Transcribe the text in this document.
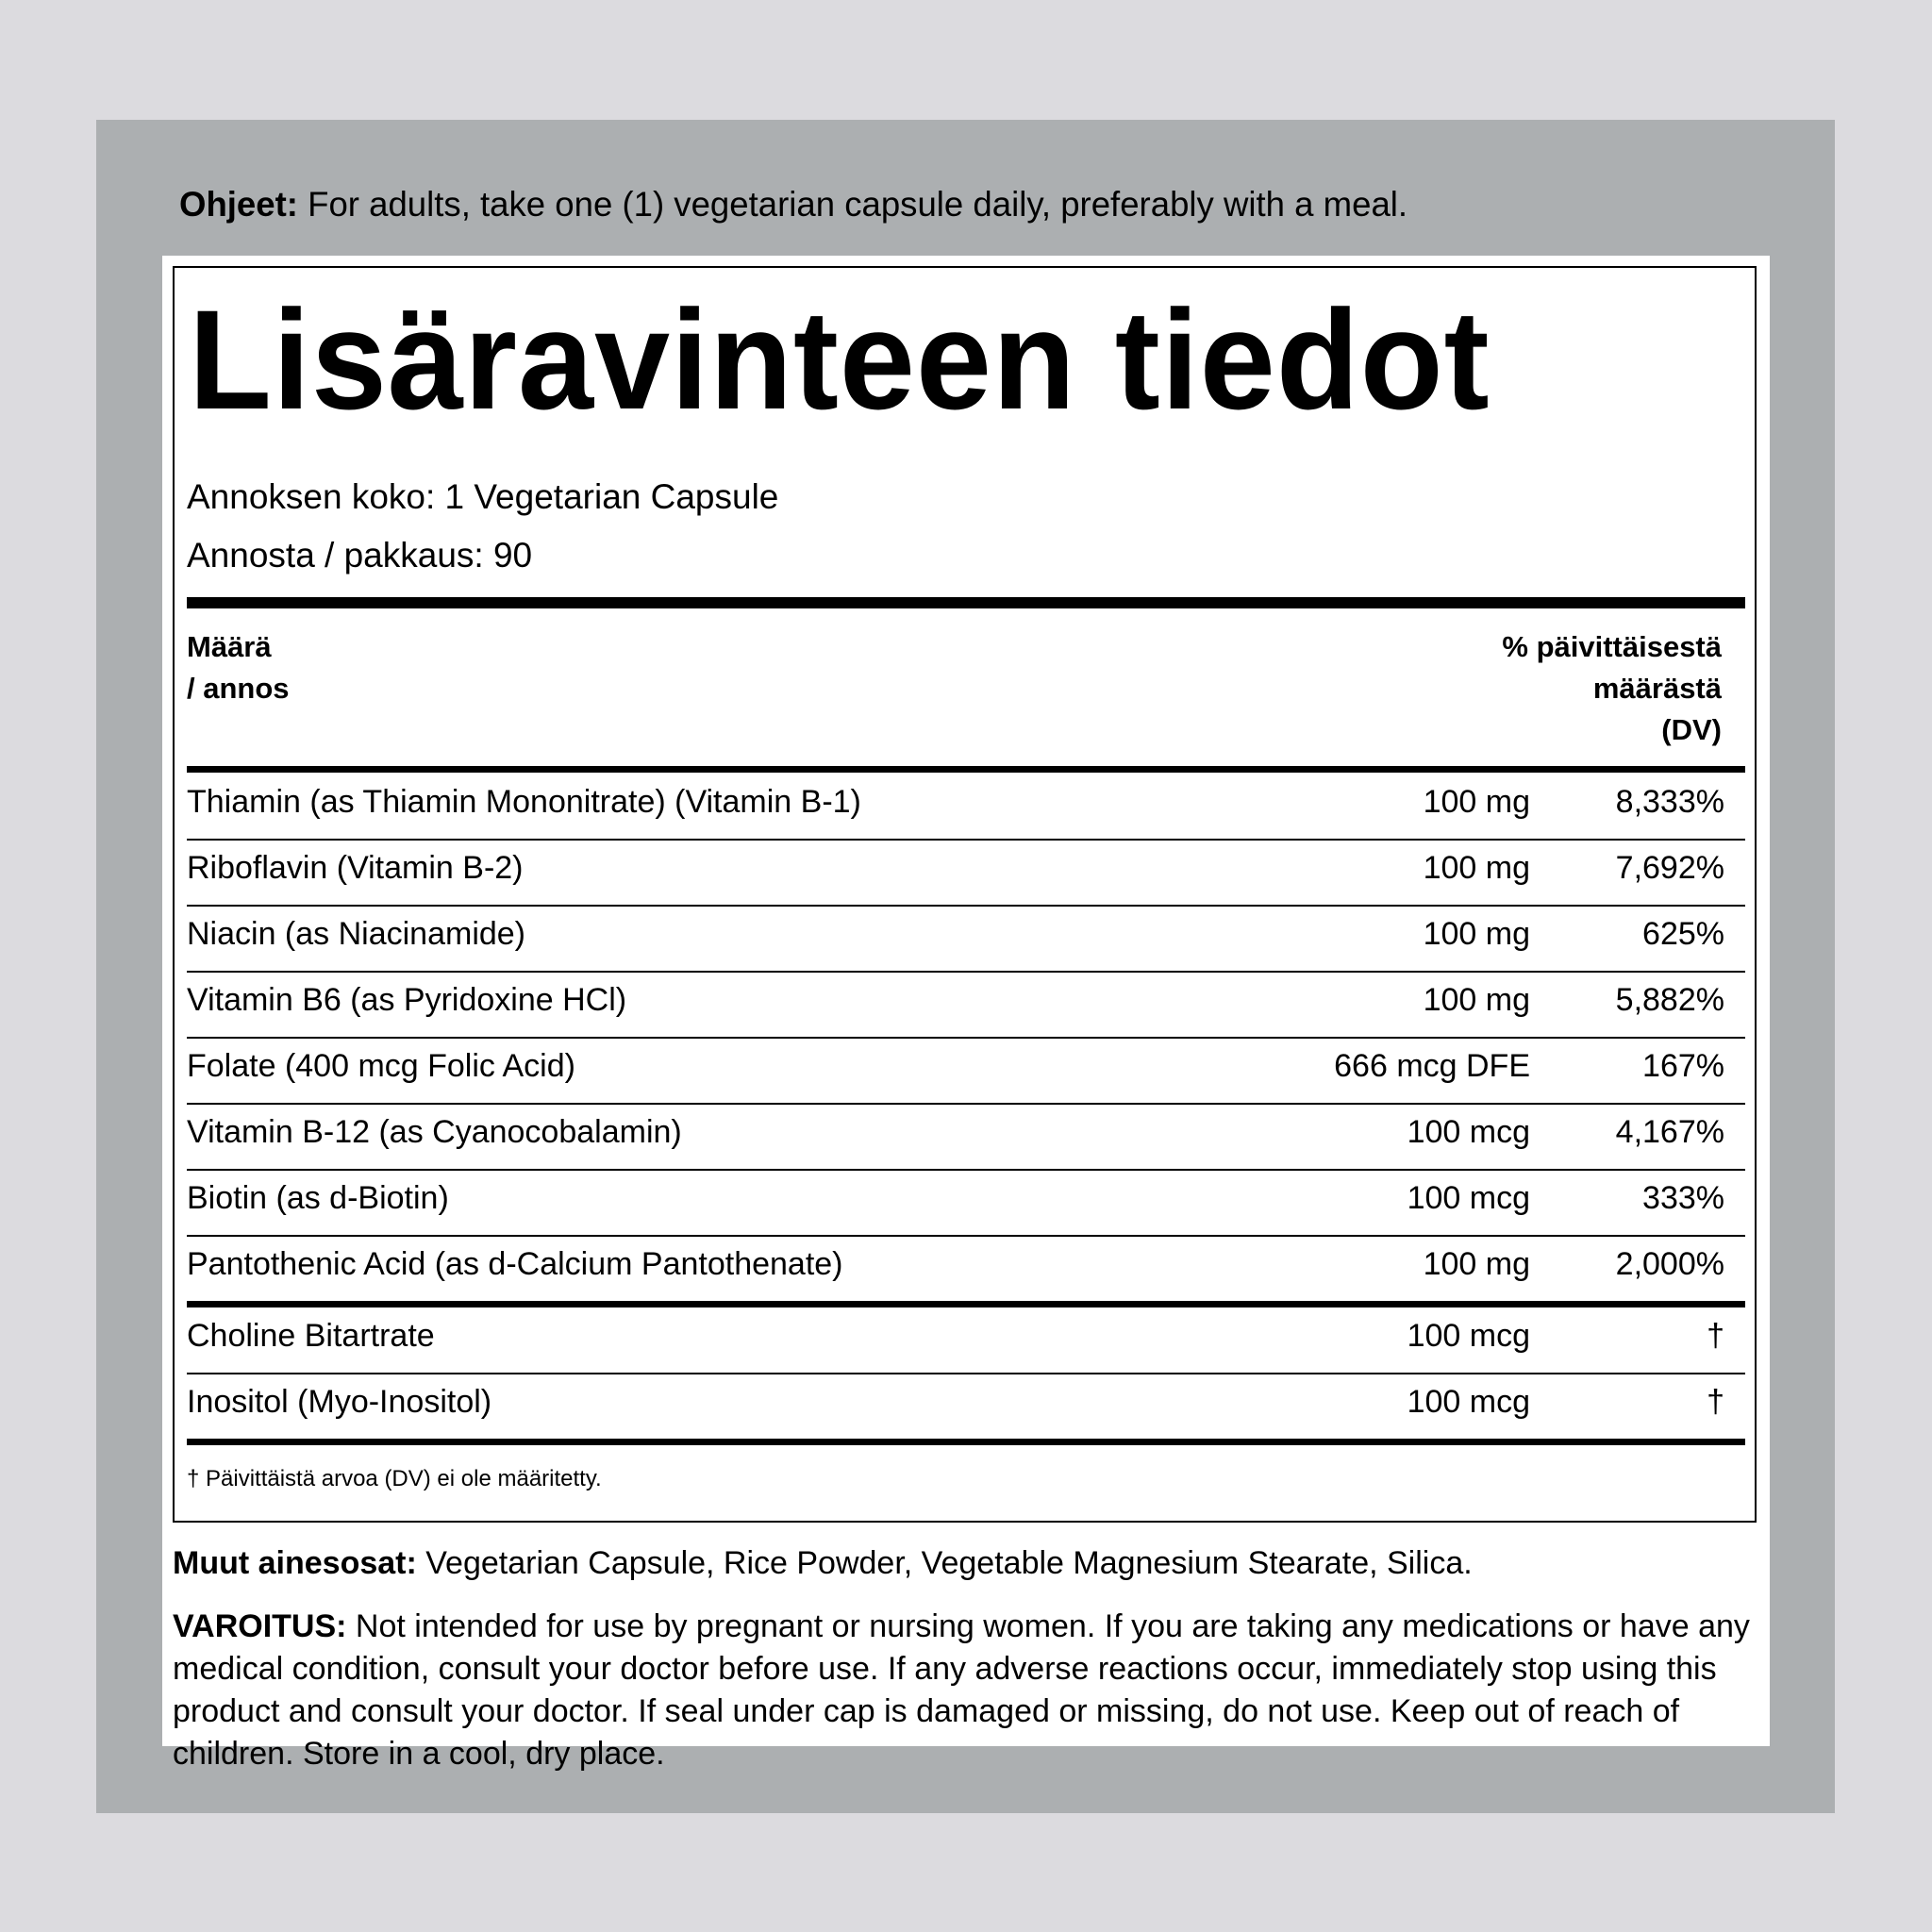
Ohjeet: For adults, take one (1) vegetarian capsule daily, preferably with a meal.
Lisäravinteen tiedot
Annoksen koko: 1 Vegetarian Capsule
Annosta / pakkaus: 90
Määrä
/ annos
% päivittäisestä
määrästä
(DV)
Thiamin (as Thiamin Mononitrate) (Vitamin B-1)	100 mg	8,333%
Riboflavin (Vitamin B-2)	100 mg	7,692%
Niacin (as Niacinamide)	100 mg	625%
Vitamin B6 (as Pyridoxine HCl)	100 mg	5,882%
Folate (400 mcg Folic Acid)	666 mcg DFE	167%
Vitamin B-12 (as Cyanocobalamin)	100 mcg	4,167%
Biotin (as d-Biotin)	100 mcg	333%
Pantothenic Acid (as d-Calcium Pantothenate)	100 mg	2,000%
Choline Bitartrate	100 mcg	†
Inositol (Myo-Inositol)	100 mcg	†
† Päivittäistä arvoa (DV) ei ole määritetty.
Muut ainesosat: Vegetarian Capsule, Rice Powder, Vegetable Magnesium Stearate, Silica.
VAROITUS: Not intended for use by pregnant or nursing women. If you are taking any medications or have any medical condition, consult your doctor before use. If any adverse reactions occur, immediately stop using this product and consult your doctor. If seal under cap is damaged or missing, do not use. Keep out of reach of children. Store in a cool, dry place.
